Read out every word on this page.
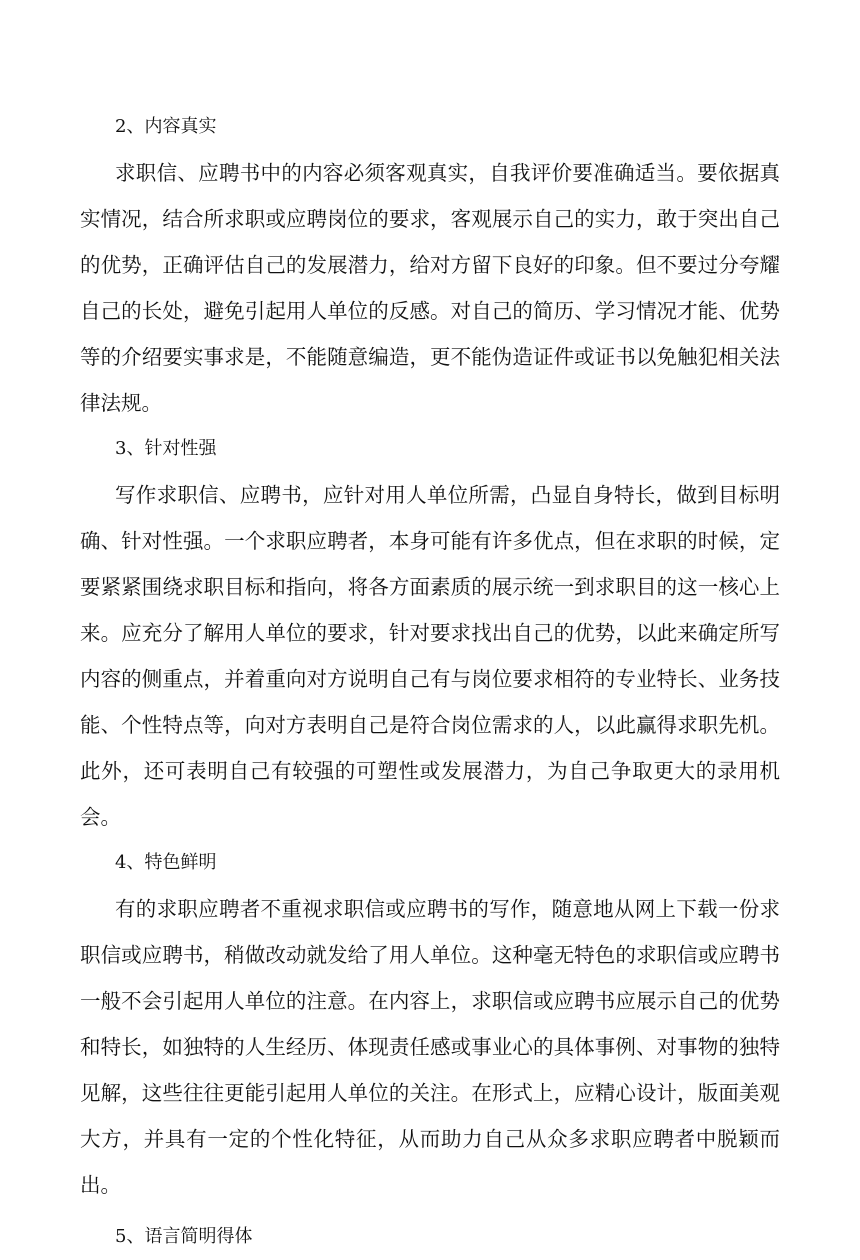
2、内容真实

求职信、应聘书中的内容必须客观真实，自我评价要准确适当。要依据真实情况，结合所求职或应聘岗位的要求，客观展示自己的实力，敢于突出自己的优势，正确评估自己的发展潜力，给对方留下良好的印象。但不要过分夸耀自己的长处，避免引起用人单位的反感。对自己的简历、学习情况才能、优势等的介绍要实事求是，不能随意编造，更不能伪造证件或证书以免触犯相关法律法规。

3、针对性强

写作求职信、应聘书，应针对用人单位所需，凸显自身特长，做到目标明确、针对性强。一个求职应聘者，本身可能有许多优点，但在求职的时候，定要紧紧围绕求职目标和指向，将各方面素质的展示统一到求职目的这一核心上来。应充分了解用人单位的要求，针对要求找出自己的优势，以此来确定所写内容的侧重点，并着重向对方说明自己有与岗位要求相符的专业特长、业务技能、个性特点等，向对方表明自己是符合岗位需求的人，以此赢得求职先机。此外，还可表明自己有较强的可塑性或发展潜力，为自己争取更大的录用机会。

4、特色鲜明

有的求职应聘者不重视求职信或应聘书的写作，随意地从网上下载一份求职信或应聘书，稍做改动就发给了用人单位。这种毫无特色的求职信或应聘书一般不会引起用人单位的注意。在内容上，求职信或应聘书应展示自己的优势和特长，如独特的人生经历、体现责任感或事业心的具体事例、对事物的独特见解，这些往往更能引起用人单位的关注。在形式上，应精心设计，版面美观大方，并具有一定的个性化特征，从而助力自己从众多求职应聘者中脱颖而出。

5、语言简明得体
